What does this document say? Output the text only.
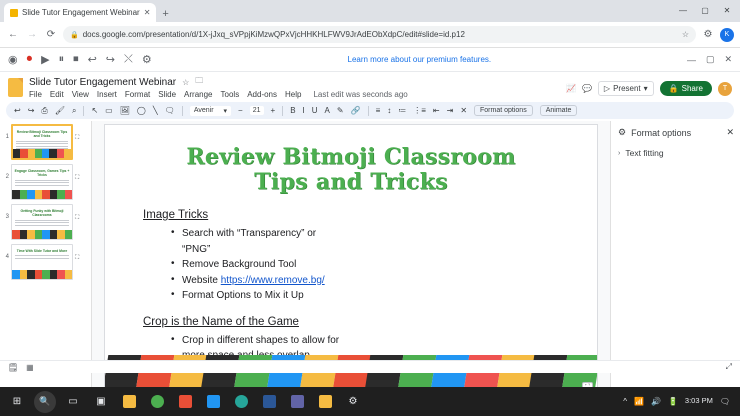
Slide Tutor Engagement Webinar ✕	+	—	▢	✕
← → ⟳	🔒 docs.google.com/presentation/d/1X-jJxq_sVPpjKiMzwQPxVjcHHKHLFWV9JrAdEObXdpC/edit#slide=id.p12	☆ ⚙	K
◉ ⏺ ▶ ⏸ ⏹ ↩ ↪ ⤬ ⚙	Learn more about our premium features.	— ▢ ✕
Slide Tutor Engagement Webinar ☆ 🗀
File Edit View Insert Format Slide Arrange Tools Add-ons Help Last edit was seconds ago
📈 💬 ▷ Present ▾	🔒 Share	T
↩ ↪ ⎙ 🖌 ⌕ ↖ ▭ 🖼 ◯ ╲ 🗨	Avenir ▾ −	21	+ B I U A ✎ 🔗 ≡ ↕ ≔ ⋮≡ ⇤ ⇥ ✕	Format options	Animate
1
Review Bitmoji Classroom Tips and Tricks	⛶
2
Engage Classroom, Games Tips + Tricks	⛶
3
Getting Funky with Bitmoji Classrooms	⛶
4
Time With Slide Tutor and More
⛶
Review Bitmoji Classroom
Tips and Tricks
Image Tricks
• Search with “Transparency” or
“PNG”
• Remove Background Tool
• Website https://www.remove.bg/
• Format Options to Mix it Up
Crop is the Name of the Game
• Crop in different shapes to allow for
•
⚙ Format options	✕
› Text fitting
🗒 ▦	⤢
⊞	🔍	▭	▣	⚙	^ 📶 🔊 🔋 3:03 PM 🗨
